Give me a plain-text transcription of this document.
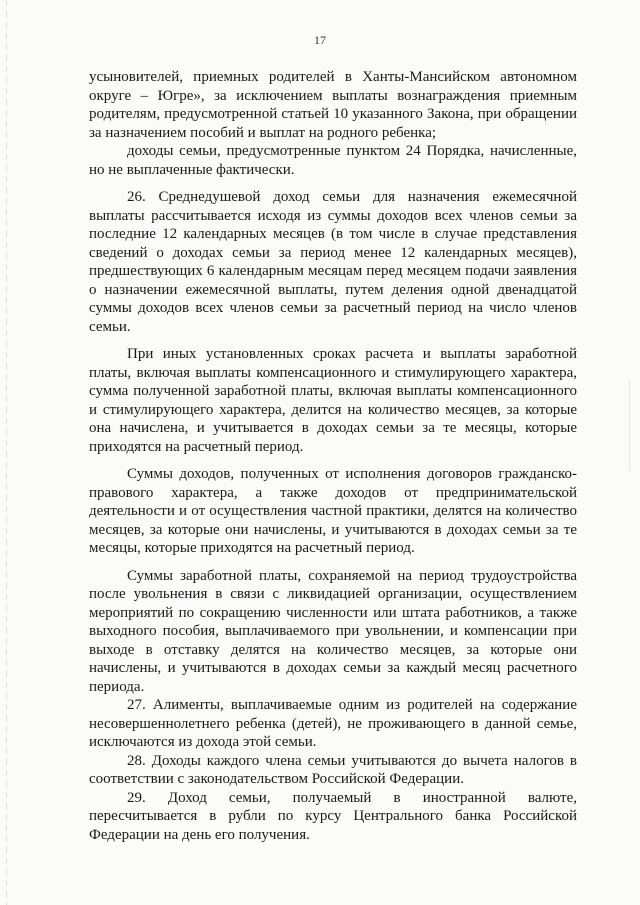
17

усыновителей, приемных родителей в Ханты-Мансийском автономном округе – Югре», за исключением выплаты вознаграждения приемным родителям, предусмотренной статьей 10 указанного Закона, при обращении за назначением пособий и выплат на родного ребенка;

доходы семьи, предусмотренные пунктом 24 Порядка, начисленные, но не выплаченные фактически.

26. Среднедушевой доход семьи для назначения ежемесячной выплаты рассчитывается исходя из суммы доходов всех членов семьи за последние 12 календарных месяцев (в том числе в случае представления сведений о доходах семьи за период менее 12 календарных месяцев), предшествующих 6 календарным месяцам перед месяцем подачи заявления о назначении ежемесячной выплаты, путем деления одной двенадцатой суммы доходов всех членов семьи за расчетный период на число членов семьи.

При иных установленных сроках расчета и выплаты заработной платы, включая выплаты компенсационного и стимулирующего характера, сумма полученной заработной платы, включая выплаты компенсационного и стимулирующего характера, делится на количество месяцев, за которые она начислена, и учитывается в доходах семьи за те месяцы, которые приходятся на расчетный период.

Суммы доходов, полученных от исполнения договоров гражданско-правового характера, а также доходов от предпринимательской деятельности и от осуществления частной практики, делятся на количество месяцев, за которые они начислены, и учитываются в доходах семьи за те месяцы, которые приходятся на расчетный период.

Суммы заработной платы, сохраняемой на период трудоустройства после увольнения в связи с ликвидацией организации, осуществлением мероприятий по сокращению численности или штата работников, а также выходного пособия, выплачиваемого при увольнении, и компенсации при выходе в отставку делятся на количество месяцев, за которые они начислены, и учитываются в доходах семьи за каждый месяц расчетного периода.

27. Алименты, выплачиваемые одним из родителей на содержание несовершеннолетнего ребенка (детей), не проживающего в данной семье, исключаются из дохода этой семьи.

28. Доходы каждого члена семьи учитываются до вычета налогов в соответствии с законодательством Российской Федерации.

29. Доход семьи, получаемый в иностранной валюте, пересчитывается в рубли по курсу Центрального банка Российской Федерации на день его получения.
